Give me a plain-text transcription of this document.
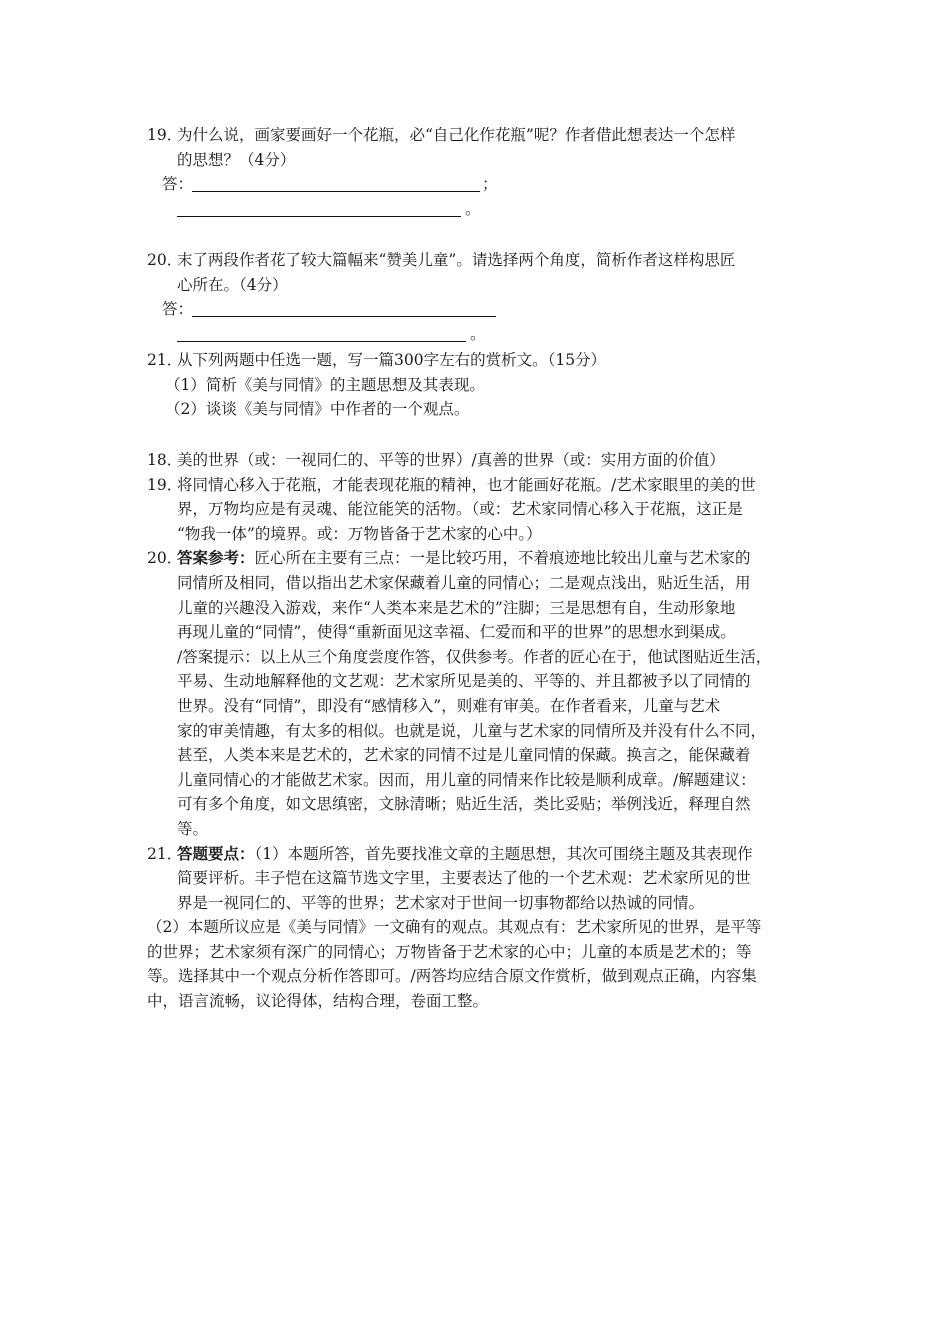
19．
为什么说，画家要画好一个花瓶，必“自己化作花瓶”呢？作者借此想表达一个怎样
的思想？（4分）
答：	；
。
20．
末了两段作者花了较大篇幅来“赞美儿童”。请选择两个角度，简析作者这样构思匠
心所在。（4分）
答：
。
21．
从下列两题中任选一题，写一篇300字左右的赏析文。（15分）
（1）简析《美与同情》的主题思想及其表现。
（2）谈谈《美与同情》中作者的一个观点。
18．
美的世界（或：一视同仁的、平等的世界）/真善的世界（或：实用方面的价值）
19．
将同情心移入于花瓶，才能表现花瓶的精神，也才能画好花瓶。/艺术家眼里的美的世
界，万物均应是有灵魂、能泣能笑的活物。（或：艺术家同情心移入于花瓶，这正是
“物我一体”的境界。或：万物皆备于艺术家的心中。）
20．
答案参考：匠心所在主要有三点：一是比较巧用，不着痕迹地比较出儿童与艺术家的
同情所及相同，借以指出艺术家保藏着儿童的同情心；二是观点浅出，贴近生活，用
儿童的兴趣没入游戏，来作“人类本来是艺术的”注脚；三是思想有自，生动形象地
再现儿童的“同情”，使得“重新面见这幸福、仁爱而和平的世界”的思想水到渠成。
/答案提示：以上从三个角度尝度作答，仅供参考。作者的匠心在于，他试图贴近生活，
平易、生动地解释他的文艺观：艺术家所见是美的、平等的、并且都被予以了同情的
世界。没有“同情”，即没有“感情移入”，则难有审美。在作者看来，儿童与艺术
家的审美情趣，有太多的相似。也就是说，儿童与艺术家的同情所及并没有什么不同，
甚至，人类本来是艺术的，艺术家的同情不过是儿童同情的保藏。换言之，能保藏着
儿童同情心的才能做艺术家。因而，用儿童的同情来作比较是顺利成章。/解题建议：
可有多个角度，如文思缜密，文脉清晰；贴近生活，类比妥贴；举例浅近，释理自然
等。
21．
答题要点：（1）本题所答，首先要找准文章的主题思想，其次可围绕主题及其表现作
简要评析。丰子恺在这篇节选文字里，主要表达了他的一个艺术观：艺术家所见的世
界是一视同仁的、平等的世界；艺术家对于世间一切事物都给以热诚的同情。
（2）本题所议应是《美与同情》一文确有的观点。其观点有：艺术家所见的世界，是平等
的世界；艺术家须有深广的同情心；万物皆备于艺术家的心中；儿童的本质是艺术的；等
等。选择其中一个观点分析作答即可。/两答均应结合原文作赏析，做到观点正确，内容集
中，语言流畅，议论得体，结构合理，卷面工整。
